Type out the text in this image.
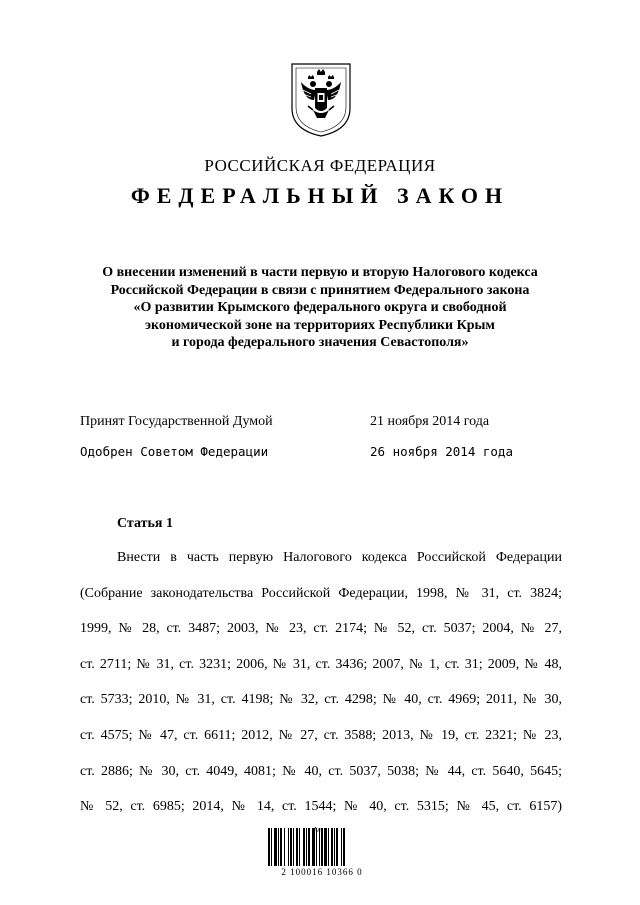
РОССИЙСКАЯ ФЕДЕРАЦИЯ
ФЕДЕРАЛЬНЫЙ ЗАКОН
О внесении изменений в части первую и вторую Налогового кодекса
Российской Федерации в связи с принятием Федерального закона
«О развитии Крымского федерального округа и свободной
экономической зоне на территориях Республики Крым
и города федерального значения Севастополя»
Принят Государственной Думой	21 ноября 2014 года
Одобрен Советом Федерации	26 ноября 2014 года
Статья 1
Внести в часть первую Налогового кодекса Российской Федерации
(Собрание законодательства Российской Федерации, 1998, № 31, ст. 3824;
1999, № 28, ст. 3487; 2003, № 23, ст. 2174; № 52, ст. 5037; 2004, № 27,
ст. 2711; № 31, ст. 3231; 2006, № 31, ст. 3436; 2007, № 1, ст. 31; 2009, № 48,
ст. 5733; 2010, № 31, ст. 4198; № 32, ст. 4298; № 40, ст. 4969; 2011, № 30,
ст. 4575; № 47, ст. 6611; 2012, № 27, ст. 3588; 2013, № 19, ст. 2321; № 23,
ст. 2886; № 30, ст. 4049, 4081; № 40, ст. 5037, 5038; № 44, ст. 5640, 5645;
№ 52, ст. 6985; 2014, № 14, ст. 1544; № 40, ст. 5315; № 45, ст. 6157)
2 100016 10366 0
